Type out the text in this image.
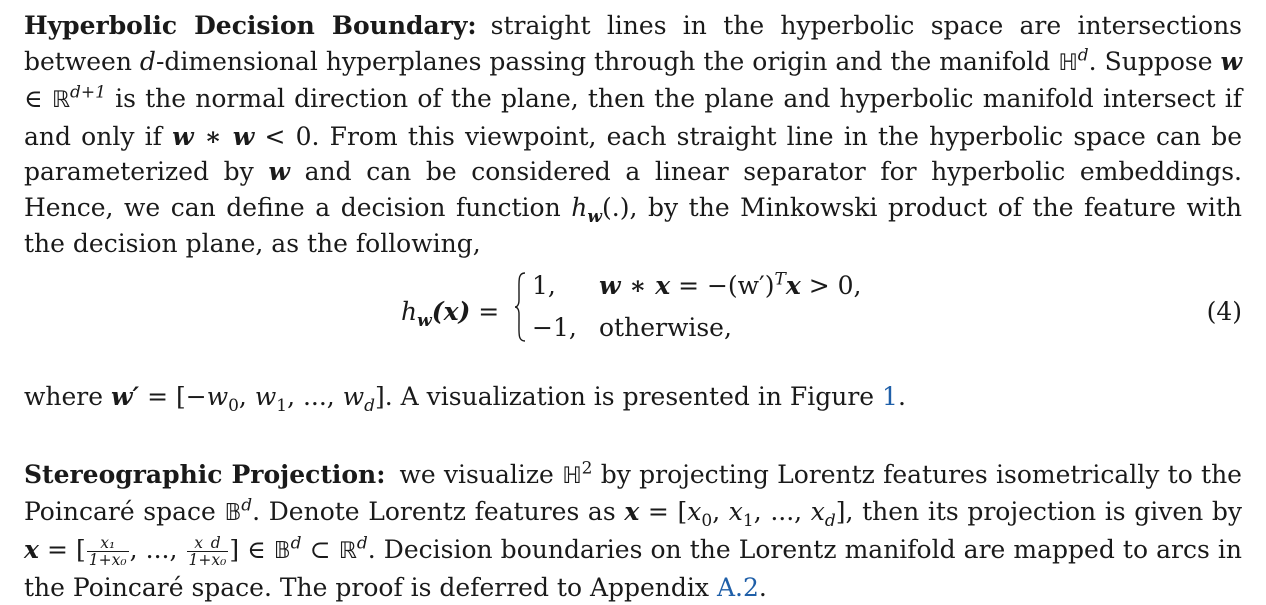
Hyperbolic Decision Boundary: straight lines in the hyperbolic space are intersections between d-dimensional hyperplanes passing through the origin and the manifold ℍ$^d$. Suppose w ∈ ℝ$^{d+1}$ is the normal direction of the plane, then the plane and hyperbolic manifold intersect if and only if w ∗ w < 0. From this viewpoint, each straight line in the hyperbolic space can be parameterized by w and can be considered a linear separator for hyperbolic embeddings. Hence, we can define a decision function $h_w(.)$, by the Minkowski product of the feature with the decision plane, as the following,

$h_w(x)$ =
1, w ∗ $x = -(w')^Tx > 0$,
−1, otherwise,
(4)

where $w' = [-w_0$, $w_1$, ..., $w_d$]. A visualization is presented in Figure 1.

Stereographic Projection: we visualize ℍ$^2$ by projecting Lorentz features isometrically to the Poincaré space 𝔹$^d$. Denote Lorentz features as $x = [x_0$, $x_1$, ..., $x_d$], then its projection is given by x = [ $\frac{\text{x₁}}{\text{1+x₀}}$ , ..., $\frac{x\_d}{\text{1+x₀}}$ ] ∈ 𝔹$^d$ ⊂ ℝ$^d$. Decision boundaries on the Lorentz manifold are mapped to arcs in the Poincaré space. The proof is deferred to Appendix A.2.
